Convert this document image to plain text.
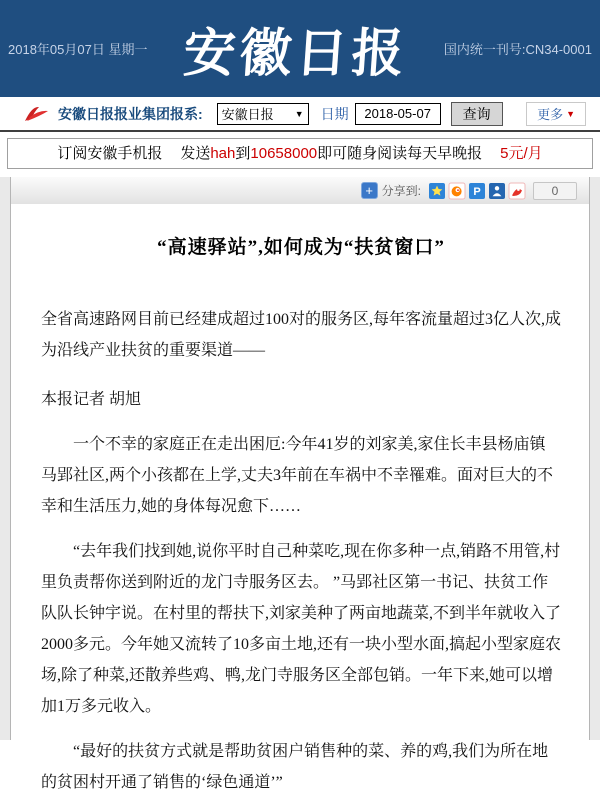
2018年05月07日 星期一 安徽日报	国内统一刊号:CN34-0001
安徽日报报业集团报系: 安徽日报 ▼ 日期
2018-05-07	查询	更多 ▼
订阅安徽手机报 发送hah到10658000即可随身阅读每天早晚报 5元/月
+ 分享到:	P	0
“高速驿站”,如何成为“扶贫窗口”

全省高速路网目前已经建成超过100对的服务区,每年客流量超过3亿人次,成为沿线产业扶贫的重要渠道——

本报记者 胡旭

一个不幸的家庭正在走出困厄:今年41岁的刘家美,家住长丰县杨庙镇马郢社区,两个小孩都在上学,丈夫3年前在车祸中不幸罹难。面对巨大的不幸和生活压力,她的身体每况愈下……

“去年我们找到她,说你平时自己种菜吃,现在你多种一点,销路不用管,村里负责帮你送到附近的龙门寺服务区去。 ”马郢社区第一书记、扶贫工作队队长钟宇说。在村里的帮扶下,刘家美种了两亩地蔬菜,不到半年就收入了2000多元。今年她又流转了10多亩土地,还有一块小型水面,搞起小型家庭农场,除了种菜,还散养些鸡、鸭,龙门寺服务区全部包销。一年下来,她可以增加1万多元收入。

“最好的扶贫方式就是帮助贫困户销售种的菜、养的鸡,我们为所在地的贫困村开通了销售的‘绿色通道’”
